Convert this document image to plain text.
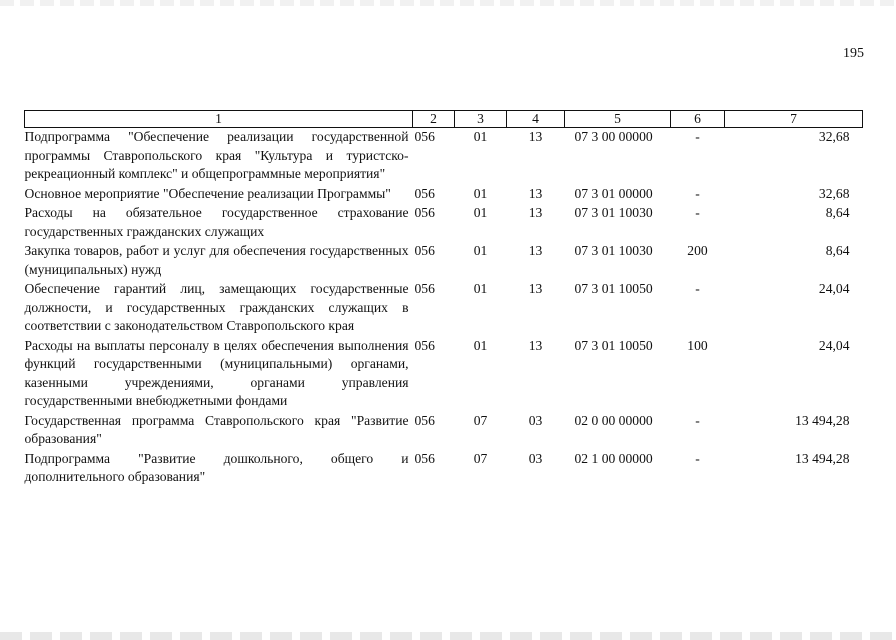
195
1	2	3	4	5	6	7
Подпрограмма "Обеспечение реализации государственной программы Ставропольского края "Культура и туристско-рекреационный комплекс" и общепрограммные мероприятия"	056	01	13	07 3 00 00000	-	32,68
Основное мероприятие "Обеспечение реализации Программы"	056	01	13	07 3 01 00000	-	32,68
Расходы на обязательное государственное страхование государственных гражданских служащих	056	01	13	07 3 01 10030	-	8,64
Закупка товаров, работ и услуг для обеспечения государственных (муниципальных) нужд	056	01	13	07 3 01 10030	200	8,64
Обеспечение гарантий лиц, замещающих государственные должности, и государственных гражданских служащих в соответствии с законодательством Ставропольского края	056	01	13	07 3 01 10050	-	24,04
Расходы на выплаты персоналу в целях обеспечения выполнения функций государственными (муниципальными) органами, казенными учреждениями, органами управления государственными внебюджетными фондами	056	01	13	07 3 01 10050	100	24,04
Государственная программа Ставропольского края "Развитие образования"	056	07	03	02 0 00 00000	-	13 494,28
Подпрограмма "Развитие дошкольного, общего и дополнительного образования"	056	07	03	02 1 00 00000	-	13 494,28
